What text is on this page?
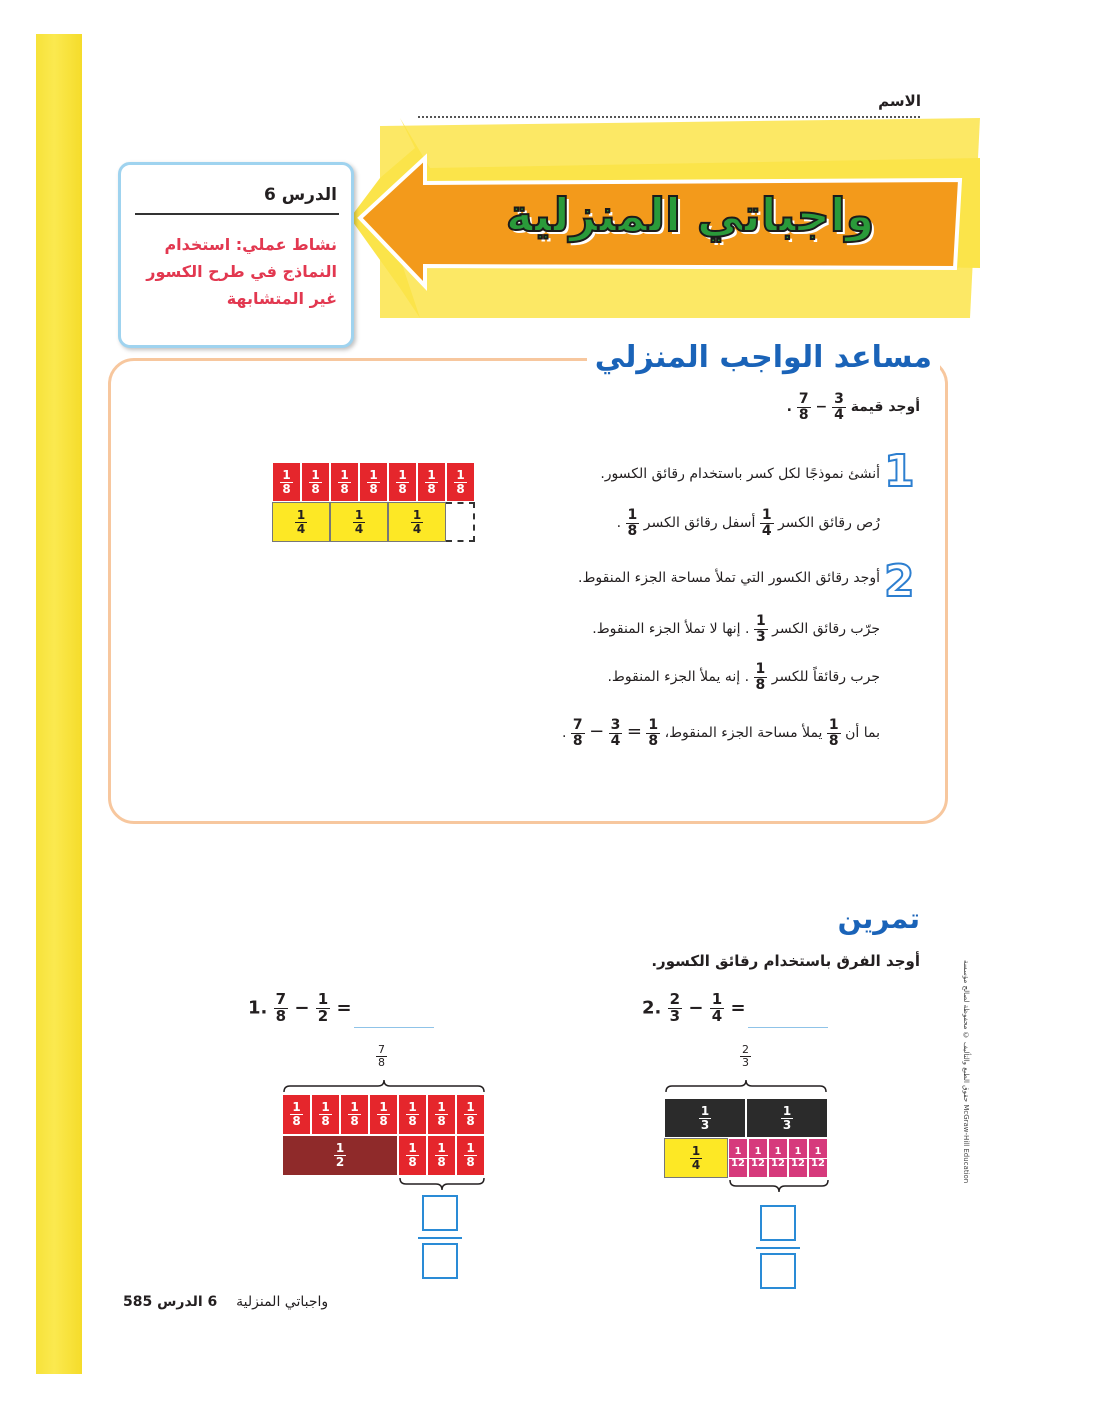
الاسم
واجباتي المنزلية
الدرس 6
نشاط عملي: استخدام النماذج في طرح الكسور غير المتشابهة
مساعد الواجب المنزلي
أوجد قيمة
$\frac{3}{4}$
−
$\frac{7}{8}$
.
1
أنشئ نموذجًا لكل كسر باستخدام رقائق الكسور.
رُص رقائق الكسر
$\frac{1}{4}$
أسفل رقائق الكسر
$\frac{1}{8}$
.
$\frac{1}{8} \frac{1}{8} \frac{1}{8} \frac{1}{8} \frac{1}{8} \frac{1}{8} \frac{1}{8}$
$\frac{1}{4}$	$\frac{1}{4}$	$\frac{1}{4}$
2
أوجد رقائق الكسور التي تملأ مساحة الجزء المنقوط.
جرّب رقائق الكسر
$\frac{1}{3}$
. إنها لا تملأ الجزء المنقوط.
جرب رقائقاً للكسر
$\frac{1}{8}$
. إنه يملأ الجزء المنقوط.
بما أن
$\frac{1}{8}$
يملأ مساحة الجزء المنقوط،
$\frac{1}{8}$
=
$\frac{3}{4}$
−
$\frac{7}{8}$
.
تمرين
أوجد الفرق باستخدام رقائق الكسور.
1. $\frac{7}{8} - \frac{1}{2}$ =
$\frac{7}{8}$
$\frac{1}{8} \frac{1}{8} \frac{1}{8} \frac{1}{8} \frac{1}{8} \frac{1}{8} \frac{1}{8}$
$\frac{1}{2}$	$\frac{1}{8} \frac{1}{8} \frac{1}{8}$
2. $\frac{2}{3} - \frac{1}{4}$ =
$\frac{2}{3}$
$\frac{1}{3}$	$\frac{1}{3}$
$\frac{1}{4}$	$\frac{1}{12} \frac{1}{12} \frac{1}{12} \frac{1}{12} \frac{1}{12}$
حقوق الطبع والتأليف © محفوظة لصالح مؤسسة McGraw-Hill Education
585	واجباتي المنزلية 6 الدرس
